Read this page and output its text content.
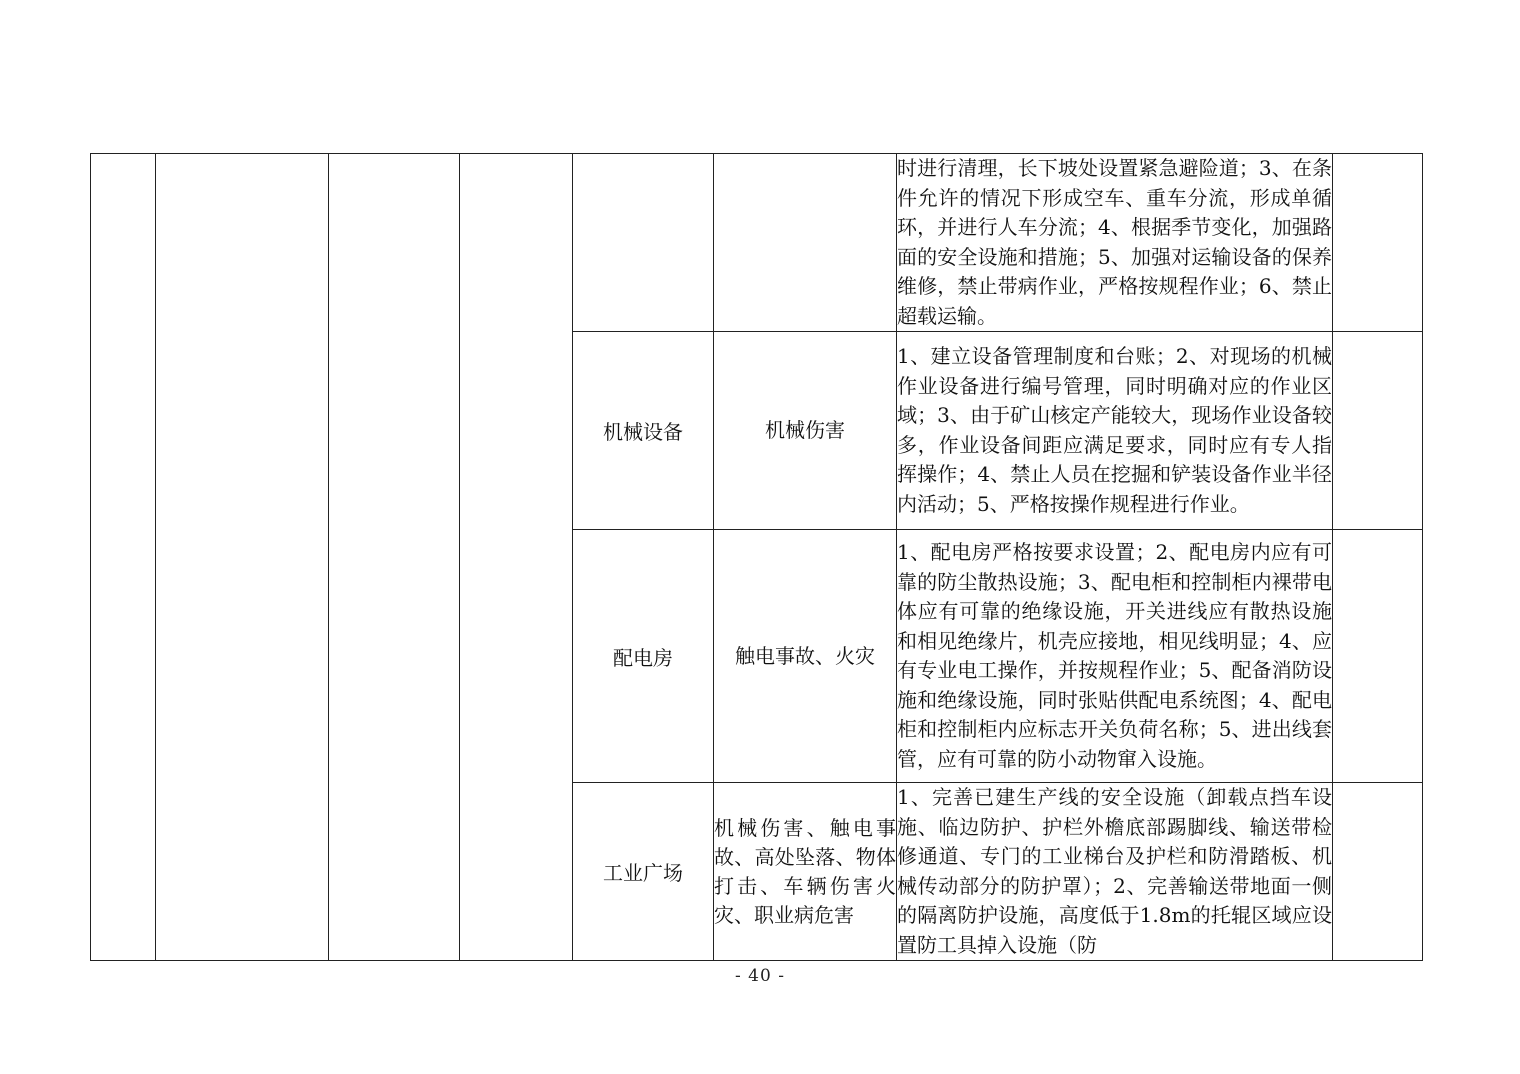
						时进行清理，长下坡处设置紧急避险道；3、在条件允许的情况下形成空车、重车分流，形成单循环，并进行人车分流；4、根据季节变化，加强路面的安全设施和措施；5、加强对运输设备的保养维修，禁止带病作业，严格按规程作业；6、禁止超载运输。	
				机械设备	机械伤害	1、建立设备管理制度和台账；2、对现场的机械作业设备进行编号管理，同时明确对应的作业区域；3、由于矿山核定产能较大，现场作业设备较多，作业设备间距应满足要求，同时应有专人指挥操作；4、禁止人员在挖掘和铲装设备作业半径内活动；5、严格按操作规程进行作业。	
				配电房	触电事故、火灾	1、配电房严格按要求设置；2、配电房内应有可靠的防尘散热设施；3、配电柜和控制柜内裸带电体应有可靠的绝缘设施，开关进线应有散热设施和相见绝缘片，机壳应接地，相见线明显；4、应有专业电工操作，并按规程作业；5、配备消防设施和绝缘设施，同时张贴供配电系统图；4、配电柜和控制柜内应标志开关负荷名称；5、进出线套管，应有可靠的防小动物窜入设施。	
				工业广场	机械伤害、触电事故、高处坠落、物体打击、车辆伤害火灾、职业病危害	1、完善已建生产线的安全设施（卸载点挡车设施、临边防护、护栏外檐底部踢脚线、输送带检修通道、专门的工业梯台及护栏和防滑踏板、机械传动部分的防护罩）；2、完善输送带地面一侧的隔离防护设施，高度低于1.8m的托辊区域应设置防工具掉入设施（防	
- 40 -
